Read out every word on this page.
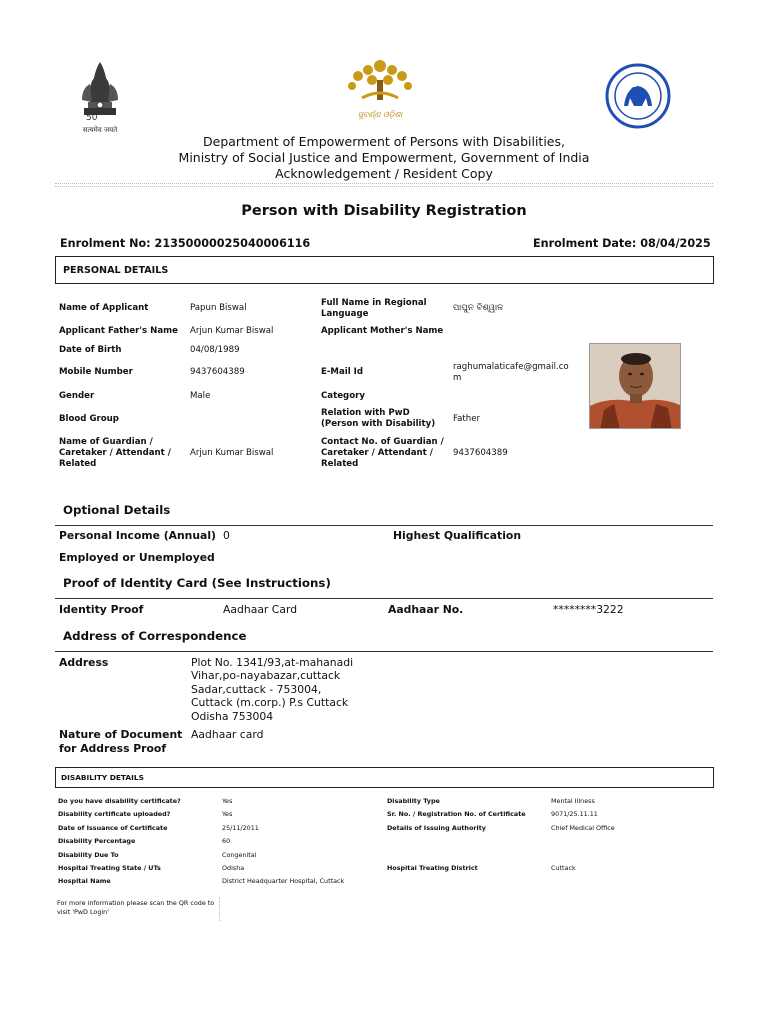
50
सत्यमेव जयते
ସୁବର୍ଣ୍ଣ ଓଡ଼ିଶା
Department of Empowerment of Persons with Disabilities,
Ministry of Social Justice and Empowerment, Government of India
Acknowledgement / Resident Copy
Person with Disability Registration
Enrolment No: 21350000025040006116	Enrolment Date: 08/04/2025
PERSONAL DETAILS
Name of Applicant	Papun Biswal	Full Name in Regional Language
ପାପୁନ ବିଶ୍ୱାଳ
Applicant Father's Name Arjun Kumar Biswal	Applicant Mother's Name
Date of Birth	04/08/1989
Mobile Number	9437604389	E-Mail Id	raghumalaticafe@gmail.com
Gender	Male	Category
Blood Group
Relation with PwD (Person with Disability)	Father
Name of Guardian / Caretaker / Attendant / Related
Arjun Kumar Biswal
Contact No. of Guardian / Caretaker / Attendant / Related
9437604389
Optional Details
Personal Income (Annual) 0	Highest Qualification
Employed or Unemployed
Proof of Identity Card (See Instructions)
Identity Proof	Aadhaar Card	Aadhaar No.	********3222
Address of Correspondence
Address	Plot No. 1341/93,at-mahanadi
Vihar,po-nayabazar,cuttack
Sadar,cuttack - 753004,
Cuttack (m.corp.) P.s Cuttack
Odisha 753004
Nature of Document for Address Proof
Aadhaar card
DISABILITY DETAILS
Do you have disability certificate?	Yes	Disability Type	Mental Illness
Disability certificate uploaded?	Yes	Sr. No. / Registration No. of Certificate	9071/25.11.11
Date of Issuance of Certificate	25/11/2011	Details of Issuing Authority	Chief Medical Office
Disability Percentage	60
Disability Due To	Congenital
Hospital Treating State / UTs	Odisha	Hospital Treating District	Cuttack
Hospital Name	District Headquarter Hospital, Cuttack
For more information please scan the QR code to visit 'PwD Login'
